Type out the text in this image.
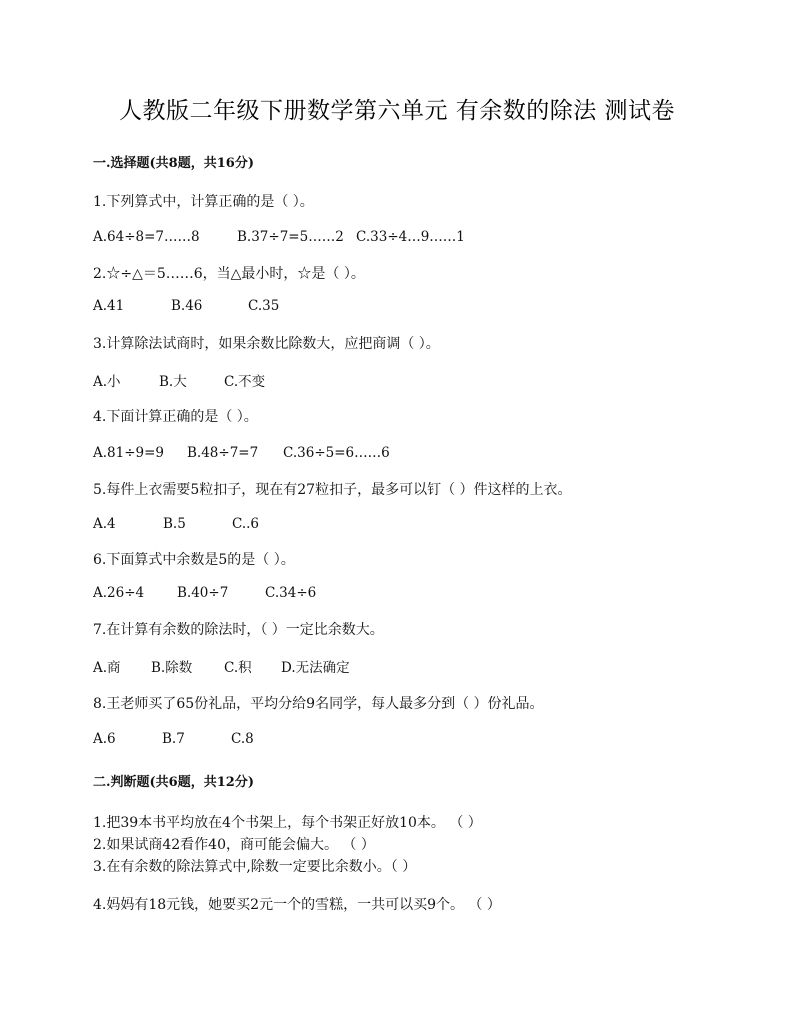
人教版二年级下册数学第六单元 有余数的除法 测试卷
一.选择题(共8题，共16分)
1.下列算式中，计算正确的是（ ）。
A.64÷8=7……8	B.37÷7=5……2 C.33÷4…9……1
2.☆÷△＝5……6，当△最小时，☆是（ ）。
A.41	B.46	C.35
3.计算除法试商时，如果余数比除数大，应把商调（ ）。
A.小	B.大	C.不变
4.下面计算正确的是（ ）。
A.81÷9=9 B.48÷7=7 C.36÷5=6……6
5.每件上衣需要5粒扣子，现在有27粒扣子，最多可以钉（ ）件这样的上衣。
A.4	B.5	C..6
6.下面算式中余数是5的是（ ）。
A.26÷4 B.40÷7	C.34÷6
7.在计算有余数的除法时，（ ）一定比余数大。
A.商 B.除数 C.积 D.无法确定
8.王老师买了65份礼品，平均分给9名同学，每人最多分到（ ）份礼品。
A.6	B.7	C.8
二.判断题(共6题，共12分)
1.把39本书平均放在4个书架上，每个书架正好放10本。 （ ）
2.如果试商42看作40，商可能会偏大。 （ ）
3.在有余数的除法算式中,除数一定要比余数小。（ ）
4.妈妈有18元钱，她要买2元一个的雪糕，一共可以买9个。 （ ）
